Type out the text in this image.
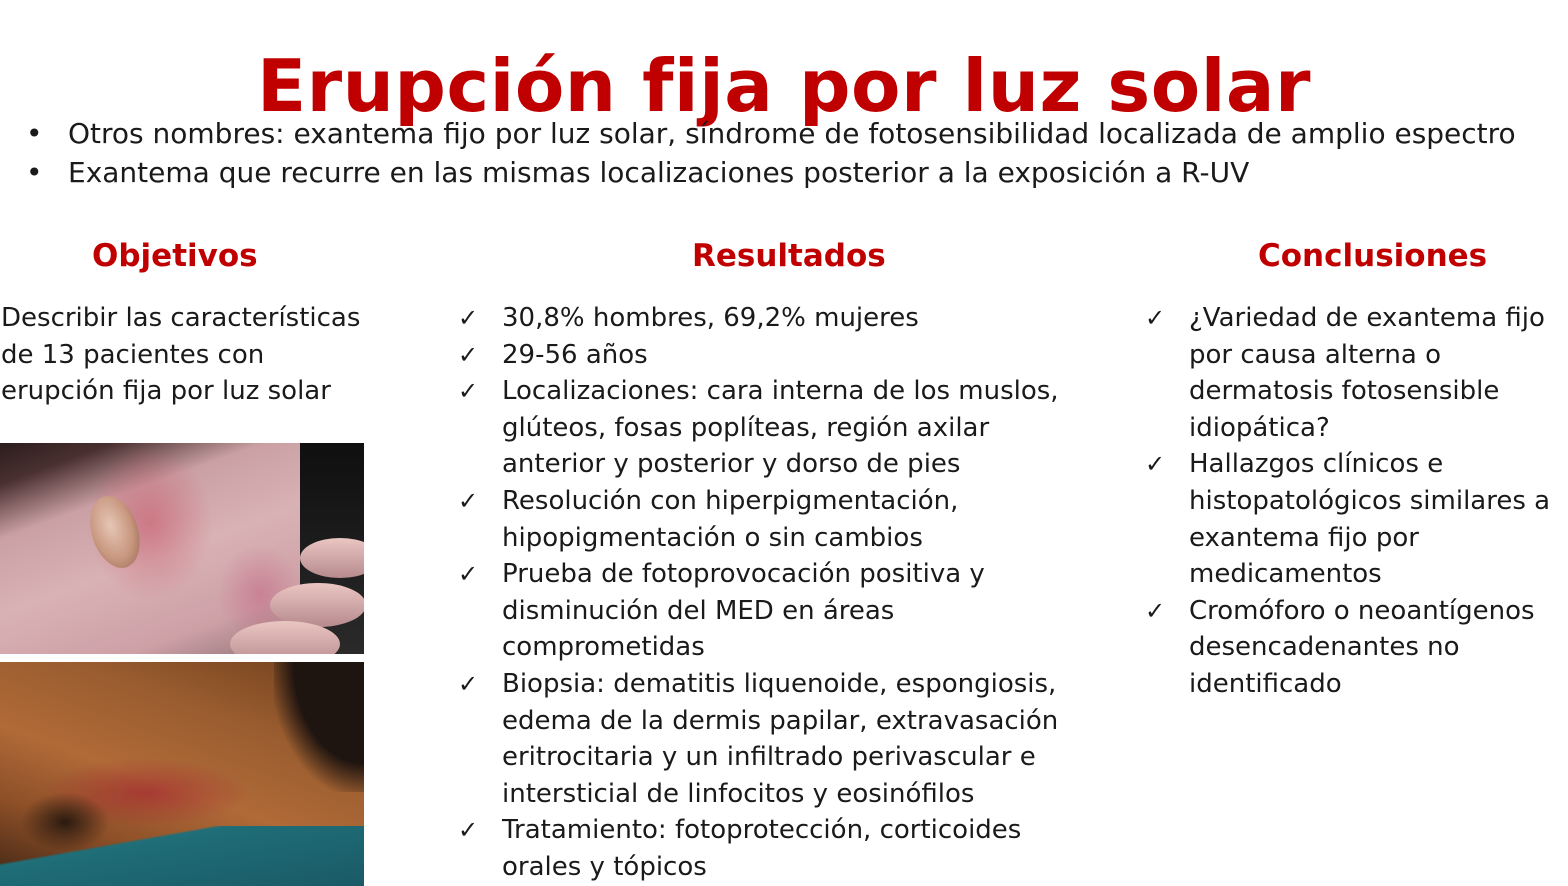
Erupción fija por luz solar
• Otros nombres: exantema fijo por luz solar, síndrome de fotosensibilidad localizada de amplio espectro
• Exantema que recurre en las mismas localizaciones posterior a la exposición a R-UV
Objetivos	Resultados	Conclusiones
Describir las características
de 13 pacientes con
erupción fija por luz solar

✓ 30,8% hombres, 69,2% mujeres

✓ 29-56 años

✓ Localizaciones: cara interna de los muslos,
glúteos, fosas poplíteas, región axilar
anterior y posterior y dorso de pies

✓ Resolución con hiperpigmentación,
hipopigmentación o sin cambios

✓ Prueba de fotoprovocación positiva y
disminución del MED en áreas
comprometidas

✓ Biopsia: dematitis liquenoide, espongiosis,
edema de la dermis papilar, extravasación
eritrocitaria y un infiltrado perivascular e
intersticial de linfocitos y eosinófilos

✓ Tratamiento: fotoprotección, corticoides
orales y tópicos

✓ ¿Variedad de exantema fijo
por causa alterna o
dermatosis fotosensible
idiopática?

✓ Hallazgos clínicos e
histopatológicos similares a
exantema fijo por
medicamentos

✓ Cromóforo o neoantígenos
desencadenantes no
identificado
